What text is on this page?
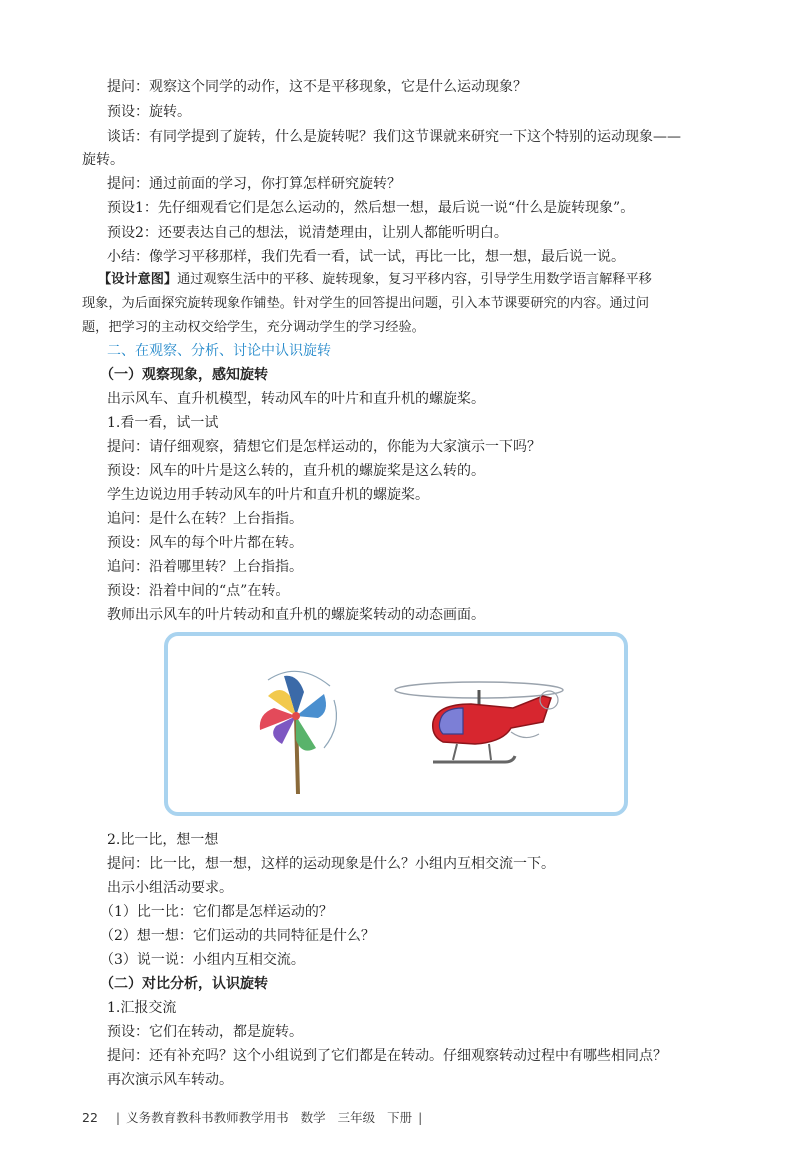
提问：观察这个同学的动作，这不是平移现象，它是什么运动现象？
预设：旋转。
谈话：有同学提到了旋转，什么是旋转呢？我们这节课就来研究一下这个特别的运动现象——
旋转。
提问：通过前面的学习，你打算怎样研究旋转？
预设1：先仔细观看它们是怎么运动的，然后想一想，最后说一说“什么是旋转现象”。
预设2：还要表达自己的想法，说清楚理由，让别人都能听明白。
小结：像学习平移那样，我们先看一看，试一试，再比一比，想一想，最后说一说。
【设计意图】通过观察生活中的平移、旋转现象，复习平移内容，引导学生用数学语言解释平移
现象，为后面探究旋转现象作铺垫。针对学生的回答提出问题，引入本节课要研究的内容。通过问
题，把学习的主动权交给学生，充分调动学生的学习经验。
二、在观察、分析、讨论中认识旋转
（一）观察现象，感知旋转
出示风车、直升机模型，转动风车的叶片和直升机的螺旋桨。
1.看一看，试一试
提问：请仔细观察，猜想它们是怎样运动的，你能为大家演示一下吗？
预设：风车的叶片是这么转的，直升机的螺旋桨是这么转的。
学生边说边用手转动风车的叶片和直升机的螺旋桨。
追问：是什么在转？上台指指。
预设：风车的每个叶片都在转。
追问：沿着哪里转？上台指指。
预设：沿着中间的“点”在转。
教师出示风车的叶片转动和直升机的螺旋桨转动的动态画面。
2.比一比，想一想
提问：比一比，想一想，这样的运动现象是什么？小组内互相交流一下。
出示小组活动要求。
（1）比一比：它们都是怎样运动的？
（2）想一想：它们运动的共同特征是什么？
（3）说一说：小组内互相交流。
（二）对比分析，认识旋转
1.汇报交流
预设：它们在转动，都是旋转。
提问：还有补充吗？这个小组说到了它们都是在转动。仔细观察转动过程中有哪些相同点？
再次演示风车转动。
22 | 义务教育教科书教师教学用书 数学 三年级 下册 |
